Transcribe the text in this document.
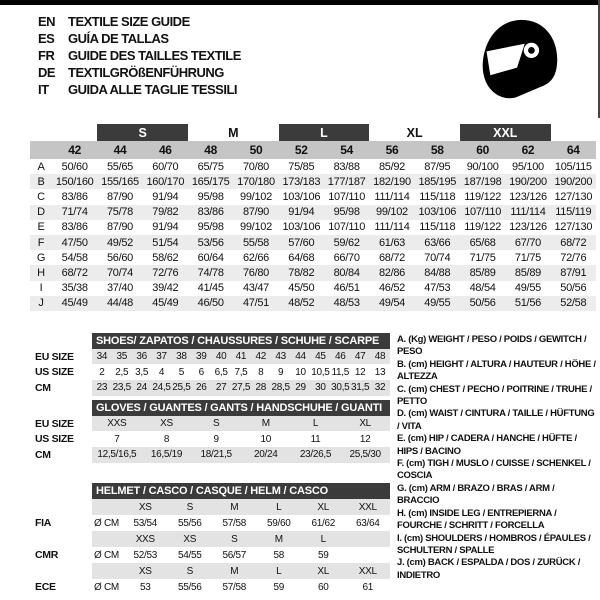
EN TEXTILE SIZE GUIDE
ES	GUÍA DE TALLAS
FR	GUIDE DES TAILLES TEXTILE
DE TEXTILGRÖßENFÜHRUNG
IT	GUIDA ALLE TAGLIE TESSILI
		S		M		L		XL		XXL		
	42	44	46	48	50	52	54	56	58	60	62	64
A	50/60	55/65	60/70	65/75	70/80	75/85	83/88	85/92	87/95	90/100	95/100	105/115
B	150/160	155/165	160/170	165/175	170/180	173/183	177/187	182/190	185/195	187/198	190/200	190/200
C	83/86	87/90	91/94	95/98	99/102	103/106	107/110	111/114	115/118	119/122	123/126	127/130
D	71/74	75/78	79/82	83/86	87/90	91/94	95/98	99/102	103/106	107/110	111/114	115/119
E	83/86	87/90	91/94	95/98	99/102	103/106	107/110	111/114	115/118	119/122	123/126	127/130
F	47/50	49/52	51/54	53/56	55/58	57/60	59/62	61/63	63/66	65/68	67/70	68/72
G	54/58	56/60	58/62	60/64	62/66	64/68	66/70	68/72	70/74	71/75	71/75	72/76
H	68/72	70/74	72/76	74/78	76/80	78/82	80/84	82/86	84/88	85/89	85/89	87/91
I	35/38	37/40	39/42	41/45	43/47	45/50	46/51	46/52	47/53	48/54	49/55	50/56
J	45/49	44/48	45/49	46/50	47/51	48/52	48/53	49/54	49/55	50/56	51/56	52/58
	SHOES/ ZAPATOS / CHAUSSURES / SCHUHE / SCARPE														
EU SIZE	34	35	36	37	38	39	40	41	42	43	44	45	46	47	48
US SIZE	2	2,5	3,5	4	5	6	6,5	7,5	8	9	10	10,5	11,5	12	13
CM	23	23,5	24	24,5	25,5	26	27	27,5	28	28,5	29	30	30,5	31,5	32
	GLOVES / GUANTES / GANTS / HANDSCHUHE / GUANTI					
EU SIZE	XXS	XS	S	M	L	XL
US SIZE	7	8	9	10	11	12
CM	12,5/16,5	16,5/19	18/21,5	20/24	23/26,5	25,5/30
	HELMET / CASCO / CASQUE / HELM / CASCO						
		XS	S	M	L	XL	XXL
FIA	Ø CM	53/54	55/56	57/58	59/60	61/62	63/64
		XXS	XS	S	M	L	
CMR	Ø CM	52/53	54/55	56/57	58	59	
		XS	S	M	L	XL	XXL
ECE	Ø CM	53	55/56	57/58	59	60	61
A. (Kg) WEIGHT / PESO / POIDS / GEWITCH / PESO
B. (cm) HEIGHT / ALTURA / HAUTEUR / HÖHE / ALTEZZA
C. (cm) CHEST / PECHO / POITRINE / TRUHE / PETTO
D. (cm) WAIST / CINTURA / TAILLE / HÜFTUNG / VITA
E. (cm) HIP / CADERA / HANCHE / HÜFTE / HIPS / BACINO
F. (cm) TIGH / MUSLO / CUISSE / SCHENKEL / COSCIA
G. (cm) ARM / BRAZO / BRAS / ARM / BRACCIO
H. (cm) INSIDE LEG / ENTREPIERNA / FOURCHE / SCHRITT / FORCELLA
I. (cm) SHOULDERS / HOMBROS / ÉPAULES / SCHULTERN / SPALLE
J. (cm) BACK / ESPALDA / DOS / ZURÜCK / INDIETRO
